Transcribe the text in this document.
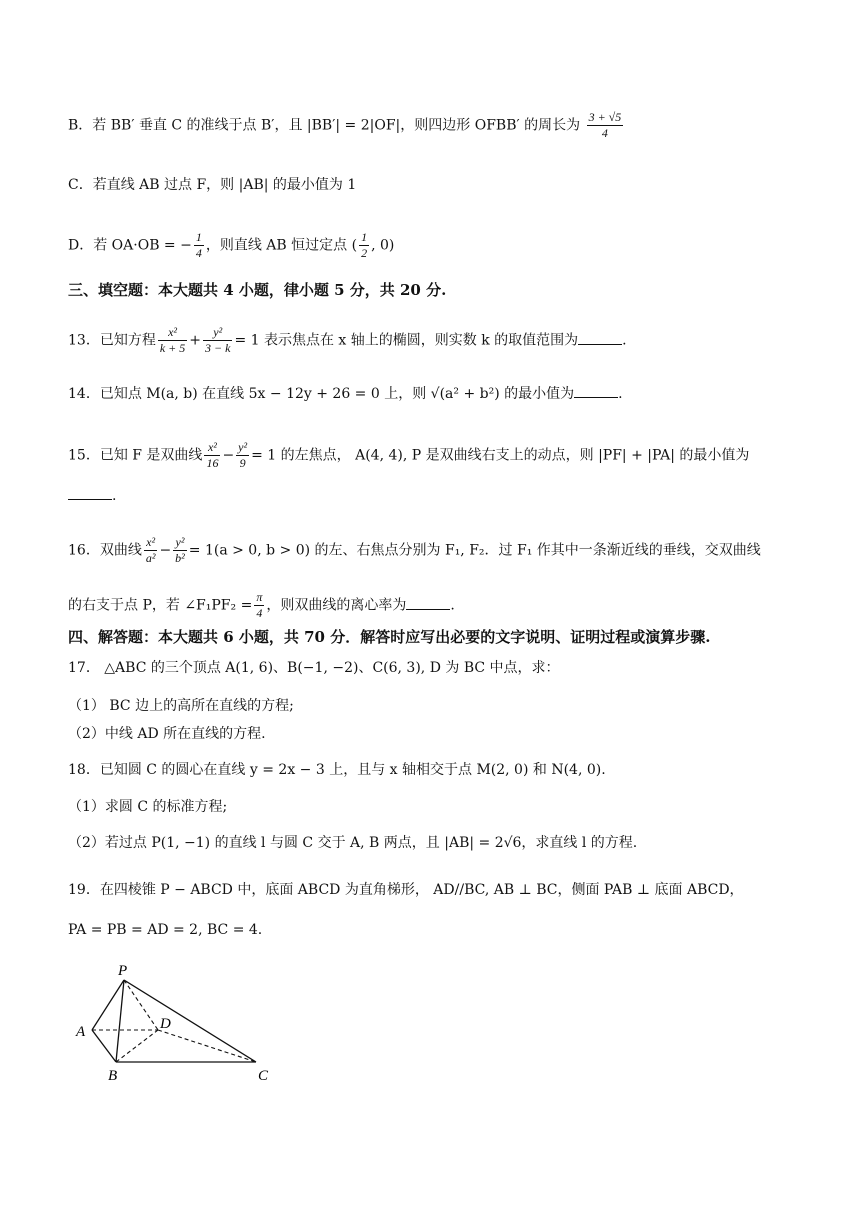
B．若 BB′ 垂直 C 的准线于点 B′，且 |BB′| = 2|OF|，则四边形 OFBB′ 的周长为 $\frac{3 + √5}{4}$
C．若直线 AB 过点 F，则 |AB| 的最小值为 1
D．若 OA·OB = − $\frac{1}{4}$ ，则直线 AB 恒过定点 ( $\frac{1}{2}$ , 0)
三、填空题：本大题共 4 小题，律小题 5 分，共 20 分.
13．已知方程 $\frac{\text{x²}}{k + 5} + \frac{\text{y²}}{3 - k} = 1$ 表示焦点在 x 轴上的椭圆，则实数 k 的取值范围为	.
14．已知点 M(a, b) 在直线 5x − 12y + 26 = 0 上，则 √(a² + b²) 的最小值为	.
15．已知 F 是双曲线 $\frac{\text{x²}}{16} - \frac{\text{y²}}{9} = 1$ 的左焦点， A(4, 4), P 是双曲线右支上的动点，则 |PF| + |PA| 的最小值为
.
16．双曲线 $\frac{\text{x²}}{\text{a²}} - \frac{\text{y²}}{\text{b²}} = 1(a > 0$, b > 0) 的左、右焦点分别为 F₁, F₂．过 F₁ 作其中一条渐近线的垂线，交双曲线
的右支于点 P，若 ∠F₁PF₂ = $\frac{\pi}{4}$ ，则双曲线的离心率为	.
四、解答题：本大题共 6 小题，共 70 分．解答时应写出必要的文字说明、证明过程或演算步骤.
17． △ABC 的三个顶点 A(1, 6)、B(−1, −2)、C(6, 3), D 为 BC 中点，求：
（1） BC 边上的高所在直线的方程;
（2）中线 AD 所在直线的方程.
18．已知圆 C 的圆心在直线 y = 2x − 3 上，且与 x 轴相交于点 M(2, 0) 和 N(4, 0).
（1）求圆 C 的标准方程;
（2）若过点 P(1, −1) 的直线 l 与圆 C 交于 A, B 两点，且 |AB| = 2√6，求直线 l 的方程.
19．在四棱锥 P − ABCD 中，底面 ABCD 为直角梯形， AD//BC, AB ⊥ BC，侧面 PAB ⊥ 底面 ABCD，
PA = PB = AD = 2, BC = 4.
P
A	D
B	C
